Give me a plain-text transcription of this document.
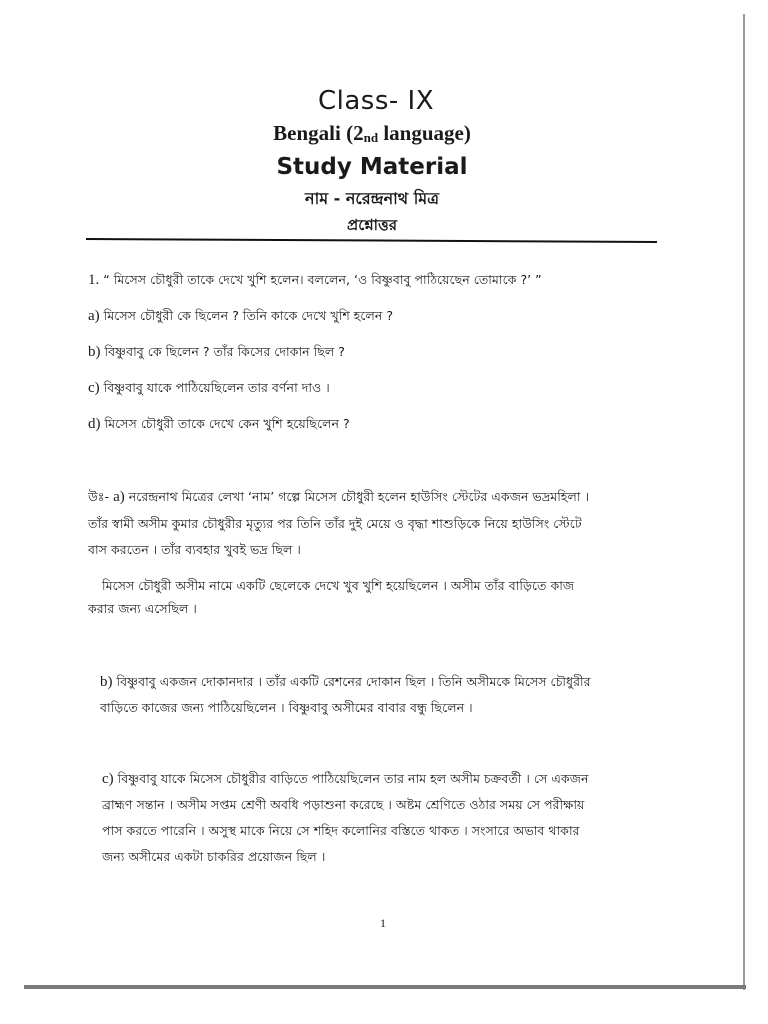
Class- IX
Bengali ($2_{nd}$ language)
Study Material
নাম - নরেন্দ্রনাথ মিত্র
প্রশ্নোত্তর
1. “ মিসেস চৌধুরী তাকে দেখে খুশি হলেন। বললেন, ‘ও বিষ্ণুবাবু পাঠিয়েছেন তোমাকে ?’ ”
a) মিসেস চৌধুরী কে ছিলেন ? তিনি কাকে দেখে খুশি হলেন ?
b) বিষ্ণুবাবু কে ছিলেন ? তাঁর কিসের দোকান ছিল ?
c) বিষ্ণুবাবু যাকে পাঠিয়েছিলেন তার বর্ণনা দাও ।
d) মিসেস চৌধুরী তাকে দেখে কেন খুশি হয়েছিলেন ?
উঃ- a) নরেন্দ্রনাথ মিত্রের লেখা ‘নাম’ গল্পে মিসেস চৌধুরী হলেন হাউসিং স্টেটের একজন ভদ্রমহিলা ।
তাঁর স্বামী অসীম কুমার চৌধুরীর মৃত্যুর পর তিনি তাঁর দুই মেয়ে ও বৃদ্ধা শাশুড়িকে নিয়ে হাউসিং স্টেটে
বাস করতেন । তাঁর ব্যবহার খুবই ভদ্র ছিল ।
মিসেস চৌধুরী অসীম নামে একটি ছেলেকে দেখে খুব খুশি হয়েছিলেন । অসীম তাঁর বাড়িতে কাজ
করার জন্য এসেছিল ।
b) বিষ্ণুবাবু একজন দোকানদার । তাঁর একটি রেশনের দোকান ছিল । তিনি অসীমকে মিসেস চৌধুরীর
বাড়িতে কাজের জন্য পাঠিয়েছিলেন । বিষ্ণুবাবু অসীমের বাবার বন্ধু ছিলেন ।
c) বিষ্ণুবাবু যাকে মিসেস চৌধুরীর বাড়িতে পাঠিয়েছিলেন তার নাম হল অসীম চক্রবর্তী । সে একজন
ব্রাহ্মণ সন্তান । অসীম সপ্তম শ্রেণী অবধি পড়াশুনা করেছে । অষ্টম শ্রেণিতে ওঠার সময় সে পরীক্ষায়
পাস করতে পারেনি । অসুস্থ মাকে নিয়ে সে শহিদ কলোনির বস্তিতে থাকত । সংসারে অভাব থাকার
জন্য অসীমের একটা চাকরির প্রয়োজন ছিল ।
1
